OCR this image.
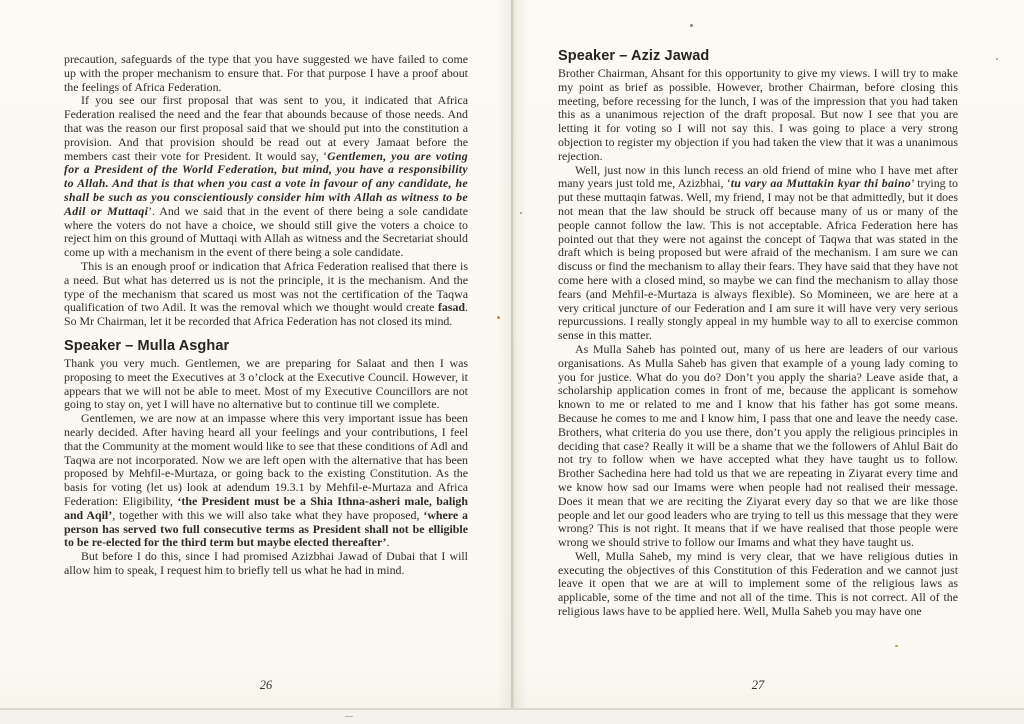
precaution, safeguards of the type that you have suggested we have failed to come up with the proper mechanism to ensure that. For that purpose I have a proof about the feelings of Africa Federation.

If you see our first proposal that was sent to you, it indicated that Africa Federation realised the need and the fear that abounds because of those needs. And that was the reason our first proposal said that we should put into the constitution a provision. And that provision should be read out at every Jamaat before the members cast their vote for President. It would say, ‘Gentlemen, you are voting for a President of the World Federation, but mind, you have a responsibility to Allah. And that is that when you cast a vote in favour of any candidate, he shall be such as you conscientiously consider him with Allah as witness to be Adil or Muttaqi’. And we said that in the event of there being a sole candidate where the voters do not have a choice, we should still give the voters a choice to reject him on this ground of Muttaqi with Allah as witness and the Secretariat should come up with a mechanism in the event of there being a sole candidate.

This is an enough proof or indication that Africa Federation realised that there is a need. But what has deterred us is not the principle, it is the mechanism. And the type of the mechanism that scared us most was not the certification of the Taqwa qualification of two Adil. It was the removal which we thought would create fasad. So Mr Chairman, let it be recorded that Africa Federation has not closed its mind.

Speaker – Mulla Asghar

Thank you very much. Gentlemen, we are preparing for Salaat and then I was proposing to meet the Executives at 3 o’clock at the Executive Council. However, it appears that we will not be able to meet. Most of my Executive Councillors are not going to stay on, yet I will have no alternative but to continue till we complete.

Gentlemen, we are now at an impasse where this very important issue has been nearly decided. After having heard all your feelings and your contributions, I feel that the Community at the moment would like to see that these conditions of Adl and Taqwa are not incorporated. Now we are left open with the alternative that has been proposed by Mehfil-e-Murtaza, or going back to the existing Constitution. As the basis for voting (let us) look at adendum 19.3.1 by Mehfil-e-Murtaza and Africa Federation: Eligibility, ‘the President must be a Shia Ithna-asheri male, baligh and Aqil’, together with this we will also take what they have proposed, ‘where a person has served two full consecutive terms as President shall not be elligible to be re-elected for the third term but maybe elected thereafter’.

But before I do this, since I had promised Azizbhai Jawad of Dubai that I will allow him to speak, I request him to briefly tell us what he had in mind.

Speaker – Aziz Jawad

Brother Chairman, Ahsant for this opportunity to give my views. I will try to make my point as brief as possible. However, brother Chairman, before closing this meeting, before recessing for the lunch, I was of the impression that you had taken this as a unanimous rejection of the draft proposal. But now I see that you are letting it for voting so I will not say this. I was going to place a very strong objection to register my objection if you had taken the view that it was a unanimous rejection.

Well, just now in this lunch recess an old friend of mine who I have met after many years just told me, Azizbhai, ‘tu vary aa Muttakin kyar thi baino’ trying to put these muttaqin fatwas. Well, my friend, I may not be that admittedly, but it does not mean that the law should be struck off because many of us or many of the people cannot follow the law. This is not acceptable. Africa Federation here has pointed out that they were not against the concept of Taqwa that was stated in the draft which is being proposed but were afraid of the mechanism. I am sure we can discuss or find the mechanism to allay their fears. They have said that they have not come here with a closed mind, so maybe we can find the mechanism to allay those fears (and Mehfil-e-Murtaza is always flexible). So Momineen, we are here at a very critical juncture of our Federation and I am sure it will have very very serious repurcussions. I really stongly appeal in my humble way to all to exercise common sense in this matter.

As Mulla Saheb has pointed out, many of us here are leaders of our various organisations. As Mulla Saheb has given that example of a young lady coming to you for justice. What do you do? Don’t you apply the sharia? Leave aside that, a scholarship application comes in front of me, because the applicant is somehow known to me or related to me and I know that his father has got some means. Because he comes to me and I know him, I pass that one and leave the needy case. Brothers, what criteria do you use there, don’t you apply the religious principles in deciding that case? Really it will be a shame that we the followers of Ahlul Bait do not try to follow when we have accepted what they have taught us to follow. Brother Sachedina here had told us that we are repeating in Ziyarat every time and we know how sad our Imams were when people had not realised their message. Does it mean that we are reciting the Ziyarat every day so that we are like those people and let our good leaders who are trying to tell us this message that they were wrong? This is not right. It means that if we have realised that those people were wrong we should strive to follow our Imams and what they have taught us.

Well, Mulla Saheb, my mind is very clear, that we have religious duties in executing the objectives of this Constitution of this Federation and we cannot just leave it open that we are at will to implement some of the religious laws as applicable, some of the time and not all of the time. This is not correct. All of the religious laws have to be applied here. Well, Mulla Saheb you may have one

26	27
